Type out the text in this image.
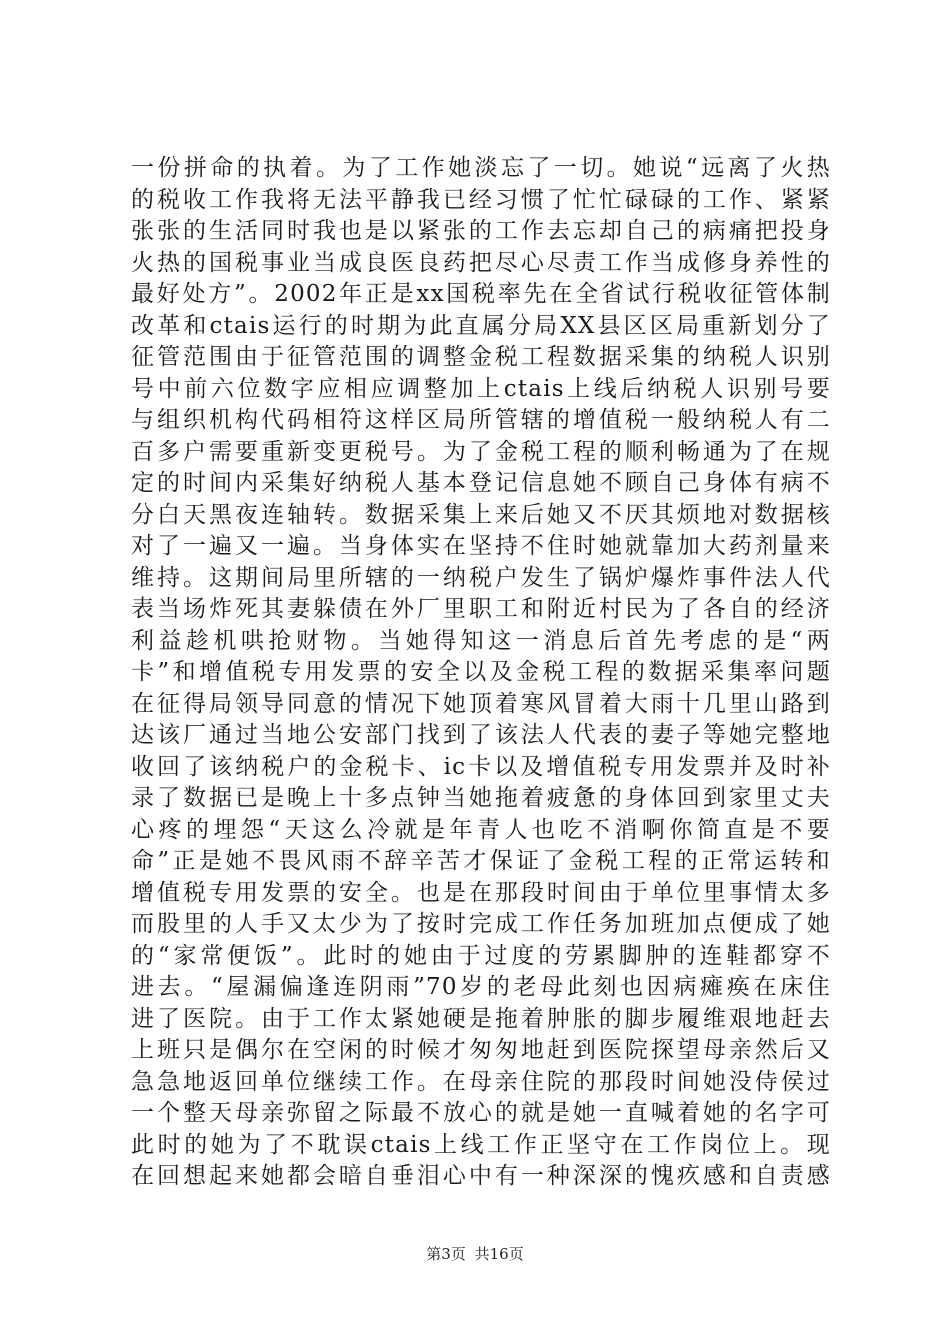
一份拼命的执着。为了工作她淡忘了一切。她说“远离了火热
的税收工作我将无法平静我已经习惯了忙忙碌碌的工作、紧紧
张张的生活同时我也是以紧张的工作去忘却自己的病痛把投身
火热的国税事业当成良医良药把尽心尽责工作当成修身养性的
最好处方”。2002年正是xx国税率先在全省试行税收征管体制
改革和ctais运行的时期为此直属分局XX县区区局重新划分了
征管范围由于征管范围的调整金税工程数据采集的纳税人识别
号中前六位数字应相应调整加上ctais上线后纳税人识别号要
与组织机构代码相符这样区局所管辖的增值税一般纳税人有二
百多户需要重新变更税号。为了金税工程的顺利畅通为了在规
定的时间内采集好纳税人基本登记信息她不顾自己身体有病不
分白天黑夜连轴转。数据采集上来后她又不厌其烦地对数据核
对了一遍又一遍。当身体实在坚持不住时她就靠加大药剂量来
维持。这期间局里所辖的一纳税户发生了锅炉爆炸事件法人代
表当场炸死其妻躲债在外厂里职工和附近村民为了各自的经济
利益趁机哄抢财物。当她得知这一消息后首先考虑的是“两
卡”和增值税专用发票的安全以及金税工程的数据采集率问题
在征得局领导同意的情况下她顶着寒风冒着大雨十几里山路到
达该厂通过当地公安部门找到了该法人代表的妻子等她完整地
收回了该纳税户的金税卡、ic卡以及增值税专用发票并及时补
录了数据已是晚上十多点钟当她拖着疲惫的身体回到家里丈夫
心疼的埋怨“天这么冷就是年青人也吃不消啊你简直是不要
命”正是她不畏风雨不辞辛苦才保证了金税工程的正常运转和
增值税专用发票的安全。也是在那段时间由于单位里事情太多
而股里的人手又太少为了按时完成工作任务加班加点便成了她
的“家常便饭”。此时的她由于过度的劳累脚肿的连鞋都穿不
进去。“屋漏偏逢连阴雨”70岁的老母此刻也因病瘫痪在床住
进了医院。由于工作太紧她硬是拖着肿胀的脚步履维艰地赶去
上班只是偶尔在空闲的时候才匆匆地赶到医院探望母亲然后又
急急地返回单位继续工作。在母亲住院的那段时间她没侍侯过
一个整天母亲弥留之际最不放心的就是她一直喊着她的名字可
此时的她为了不耽误ctais上线工作正坚守在工作岗位上。现
在回想起来她都会暗自垂泪心中有一种深深的愧疚感和自责感
第3页 共16页
